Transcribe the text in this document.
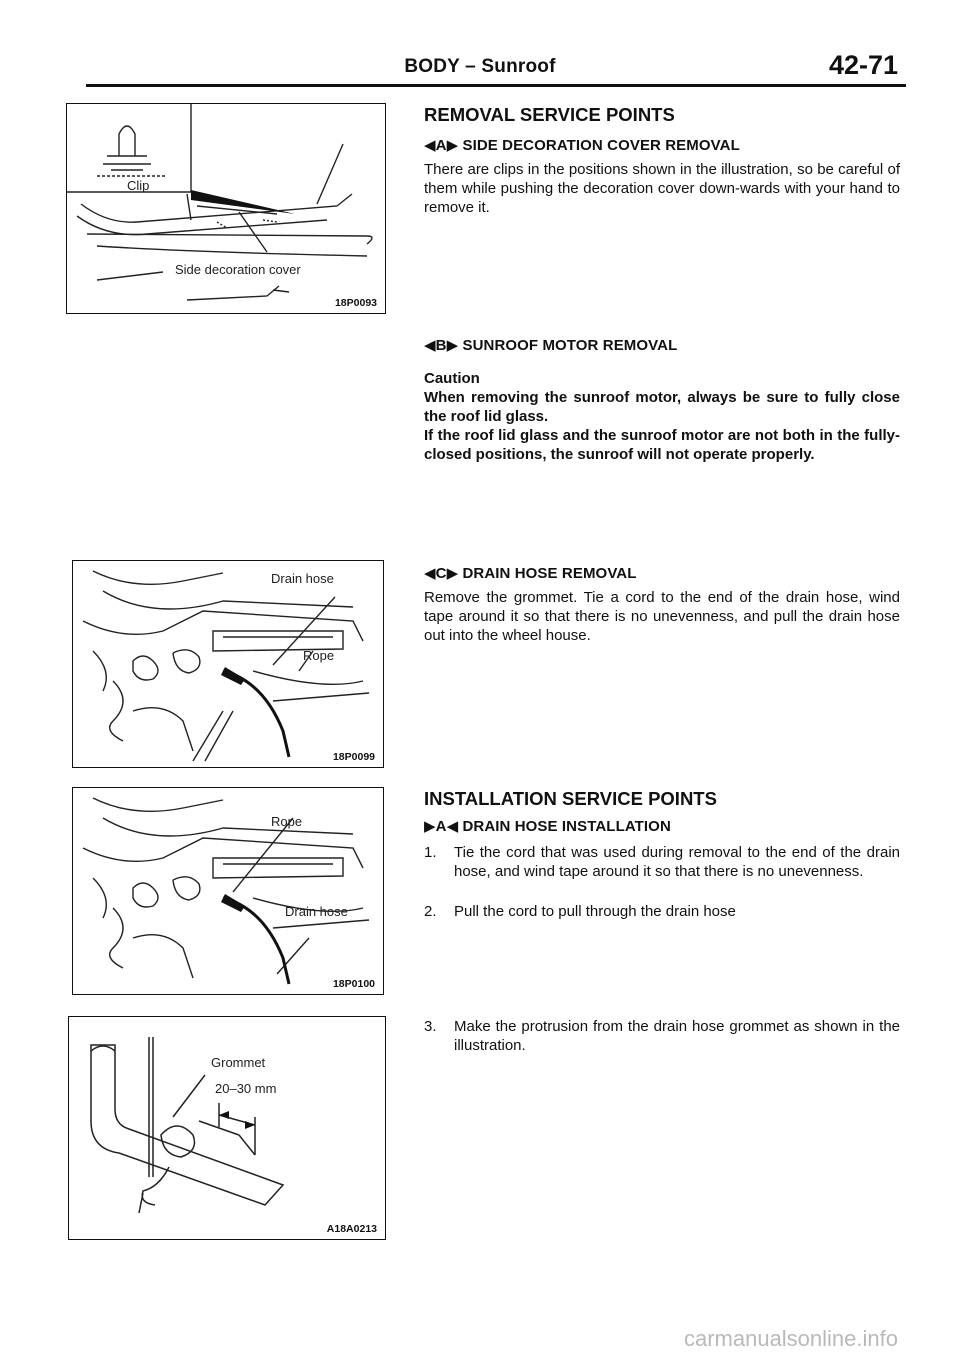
BODY – Sunroof	42-71
Clip
Side decoration cover
18P0093
Drain hose
Rope
18P0099
Rope
Drain hose
18P0100
Grommet
20–30 mm
A18A0213
REMOVAL SERVICE POINTS
◀A▶ SIDE DECORATION COVER REMOVAL
There are clips in the positions shown in the illustration, so be careful of them while pushing the decoration cover down-wards with your hand to remove it.
◀B▶ SUNROOF MOTOR REMOVAL
Caution
When removing the sunroof motor, always be sure to fully close the roof lid glass.
If the roof lid glass and the sunroof motor are not both in the fully-closed positions, the sunroof will not operate properly.
◀C▶ DRAIN HOSE REMOVAL
Remove the grommet. Tie a cord to the end of the drain hose, wind tape around it so that there is no unevenness, and pull the drain hose out into the wheel house.
INSTALLATION SERVICE POINTS
▶A◀ DRAIN HOSE INSTALLATION
1. Tie the cord that was used during removal to the end of the drain hose, and wind tape around it so that there is no unevenness.
2. Pull the cord to pull through the drain hose
3. Make the protrusion from the drain hose grommet as shown in the illustration.
carmanualsonline.info
